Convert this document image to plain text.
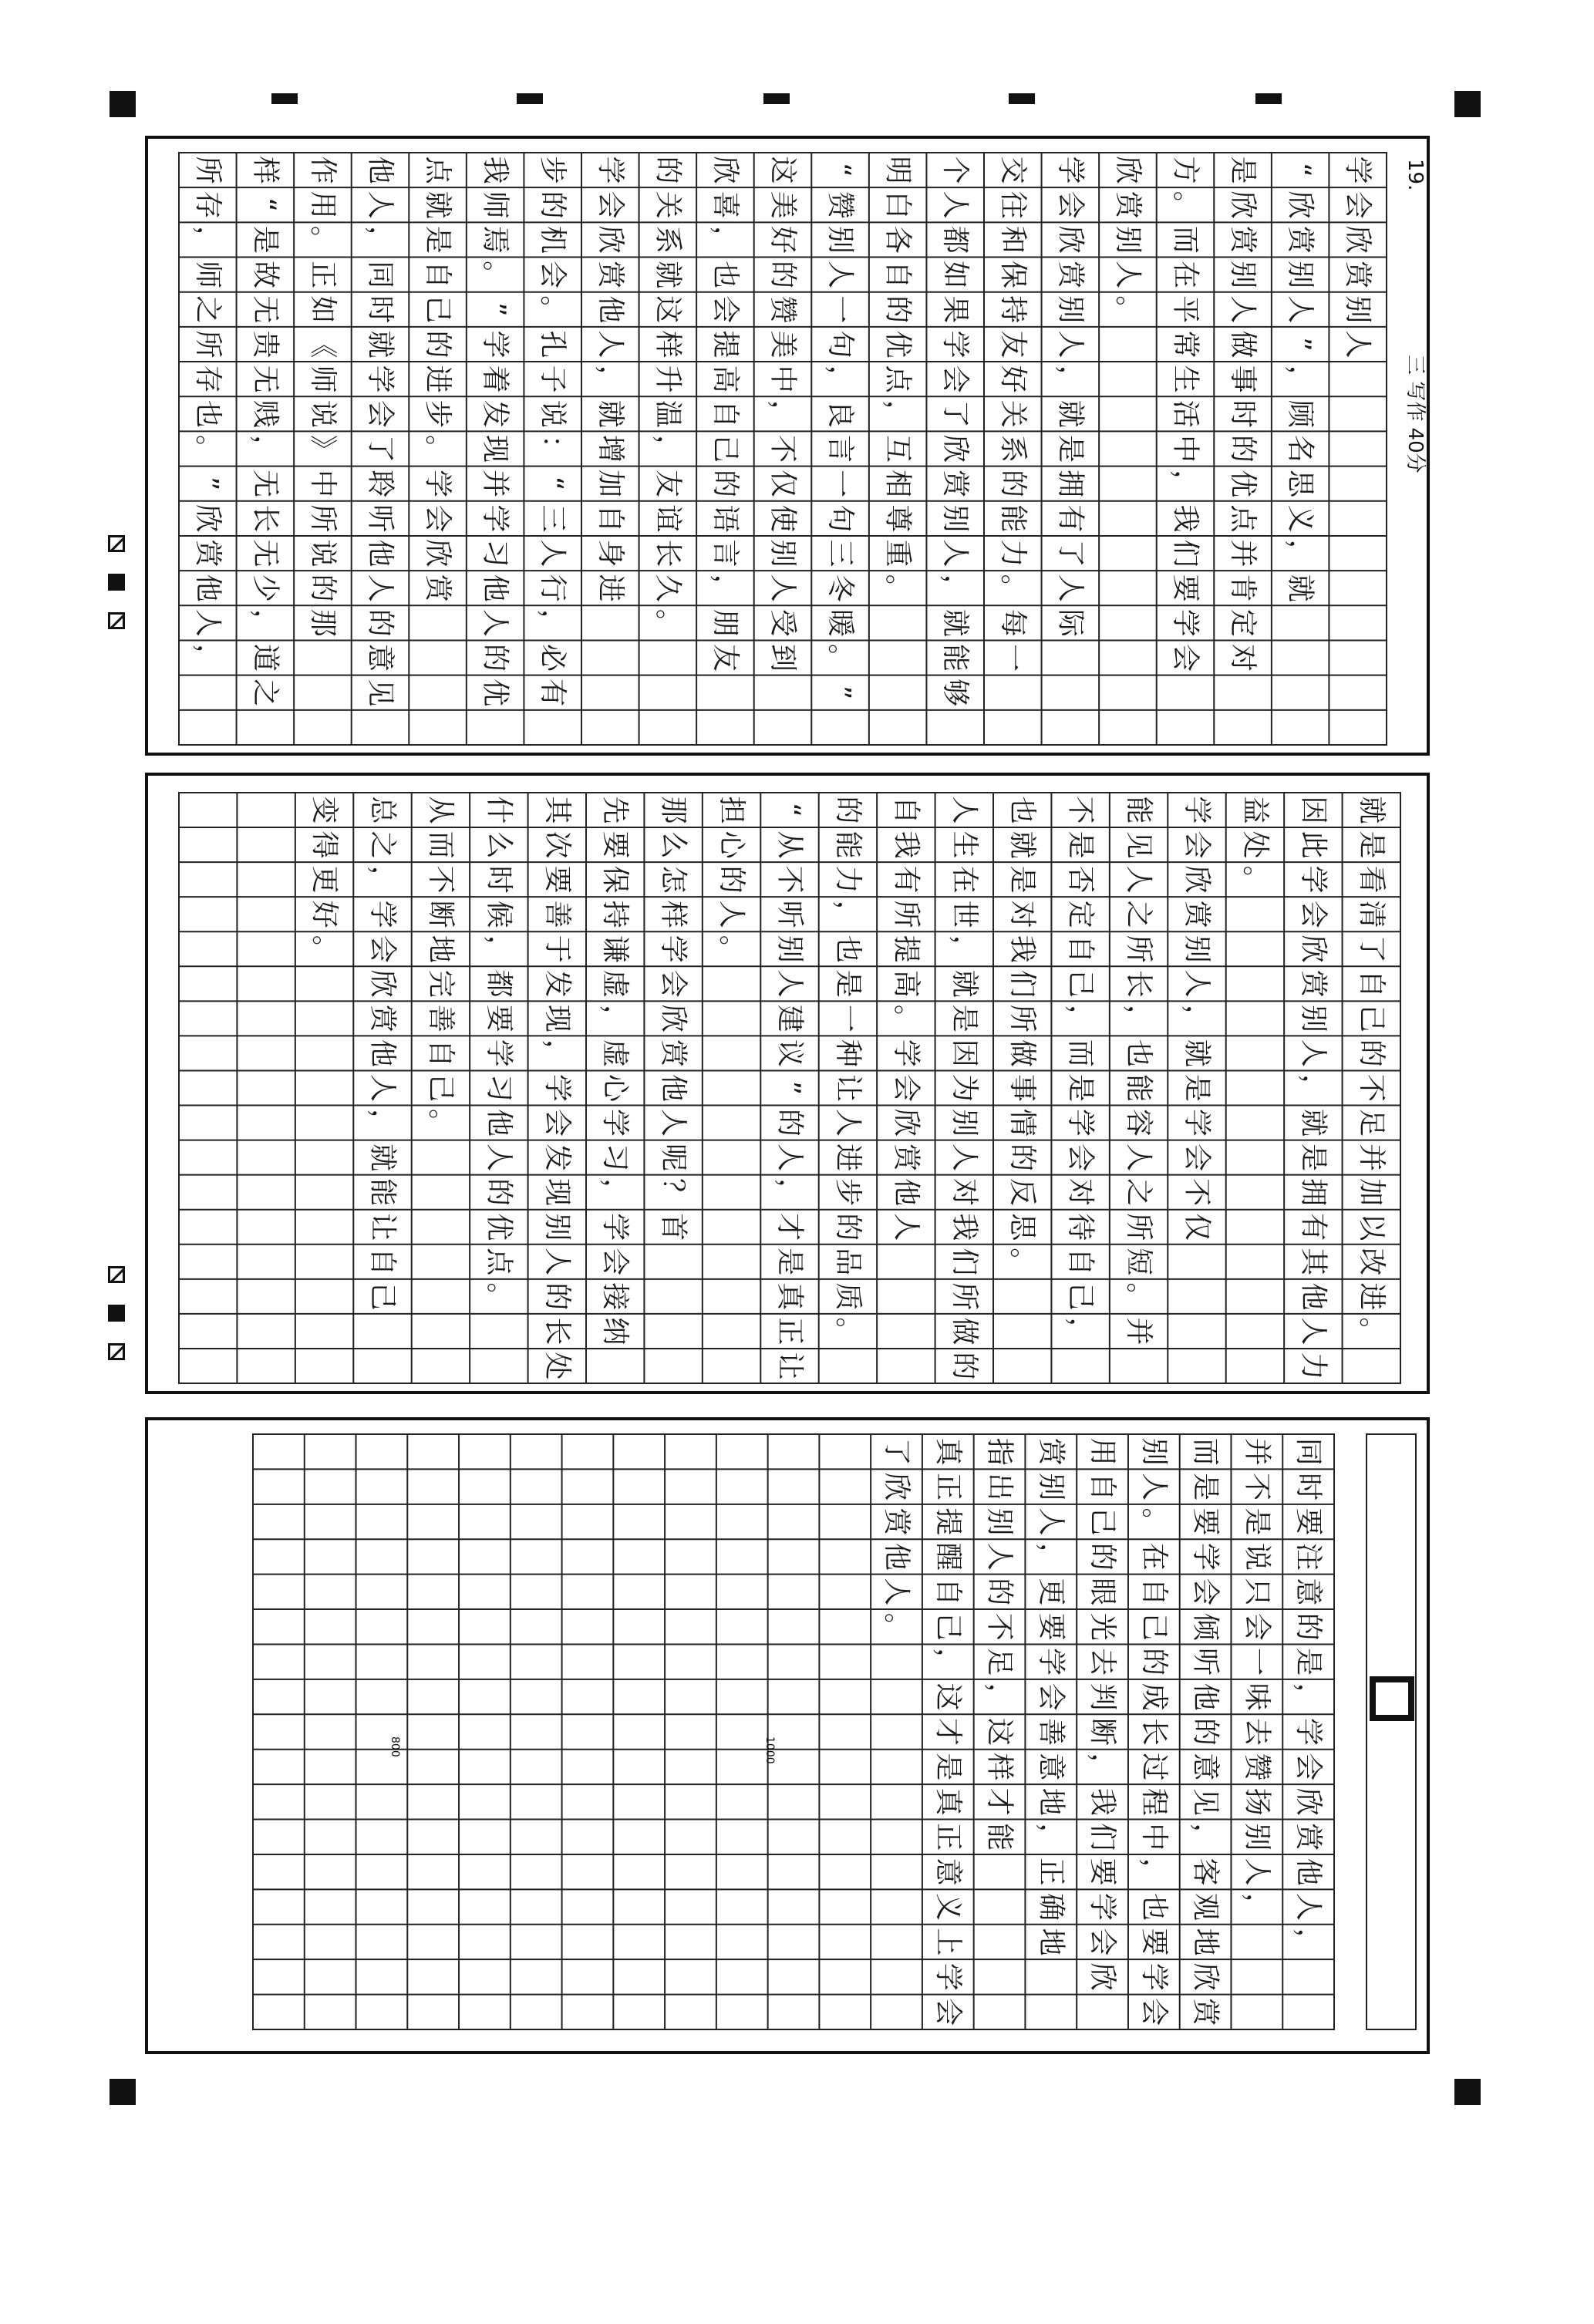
学
会
欣
赏
别
人
“
欣
赏
别
人
”
，
顾
名
思
义
，
就
是
欣
赏
别
人
做
事
时
的
优
点
并
肯
定
对
方
。
而
在
平
常
生
活
中
，
我
们
要
学
会
欣
赏
别
人
。
学
会
欣
赏
别
人
，
就
是
拥
有
了
人
际
交
往
和
保
持
友
好
关
系
的
能
力
。
每
一
个
人
都
如
果
学
会
了
欣
赏
别
人
，
就
能
够
明
白
各
自
的
优
点
，
互
相
尊
重
。
“
赞
别
人
一
句
，
良
言
一
句
三
冬
暖
。
”
这
美
好
的
赞
美
中
，
不
仅
使
别
人
受
到
欣
喜
，
也
会
提
高
自
己
的
语
言
，
朋
友
的
关
系
就
这
样
升
温
，
友
谊
长
久
。
学
会
欣
赏
他
人
，
就
增
加
自
身
进
步
的
机
会
。
孔
子
说
：
“
三
人
行
，
必
有
我
师
焉
。
”
学
着
发
现
并
学
习
他
人
的
优
点
就
是
自
己
的
进
步
。
学
会
欣
赏
他
人
，
同
时
就
学
会
了
聆
听
他
人
的
意
见
作
用
。
正
如
《
师
说
》
中
所
说
的
那
样
“
是
故
无
贵
无
贱
，
无
长
无
少
，
道
之
所
存
，
师
之
所
存
也
。
”
欣
赏
他
人
，
19.
三 写作 40分
就
是
看
清
了
自
己
的
不
足
并
加
以
改
进
。
因
此
学
会
欣
赏
别
人
，
就
是
拥
有
其
他
人
力
益
处
。
学
会
欣
赏
别
人
，
就
是
学
会
不
仅
能
见
人
之
所
长
，
也
能
容
人
之
所
短
。
并
不
是
否
定
自
己
，
而
是
学
会
对
待
自
己
，
也
就
是
对
我
们
所
做
事
情
的
反
思
。
人
生
在
世
，
就
是
因
为
别
人
对
我
们
所
做
的
自
我
有
所
提
高
。
学
会
欣
赏
他
人
的
能
力
，
也
是
一
种
让
人
进
步
的
品
质
。
“
从
不
听
别
人
建
议
”
的
人
，
才
是
真
正
让
担
心
的
人
。
那
么
怎
样
学
会
欣
赏
他
人
呢
？
首
先
要
保
持
谦
虚
，
虚
心
学
习
，
学
会
接
纳
其
次
要
善
于
发
现
，
学
会
发
现
别
人
的
长
处
什
么
时
候
，
都
要
学
习
他
人
的
优
点
。
从
而
不
断
地
完
善
自
己
。
总
之
，
学
会
欣
赏
他
人
，
就
能
让
自
己
变
得
更
好
。
同
时
要
注
意
的
是
，
学
会
欣
赏
他
人
，
并
不
是
说
只
会
一
味
去
赞
扬
别
人
，
而
是
要
学
会
倾
听
他
的
意
见
，
客
观
地
欣
赏
别
人
。
在
自
己
的
成
长
过
程
中
，
也
要
学
会
用
自
己
的
眼
光
去
判
断
，
我
们
要
学
会
欣
赏
别
人
，
更
要
学
会
善
意
地
，
正
确
地
指
出
别
人
的
不
足
，
这
样
才
能
真
正
提
醒
自
己
，
这
才
是
真
正
意
义
上
学
会
了
欣
赏
他
人
。
800	1000
